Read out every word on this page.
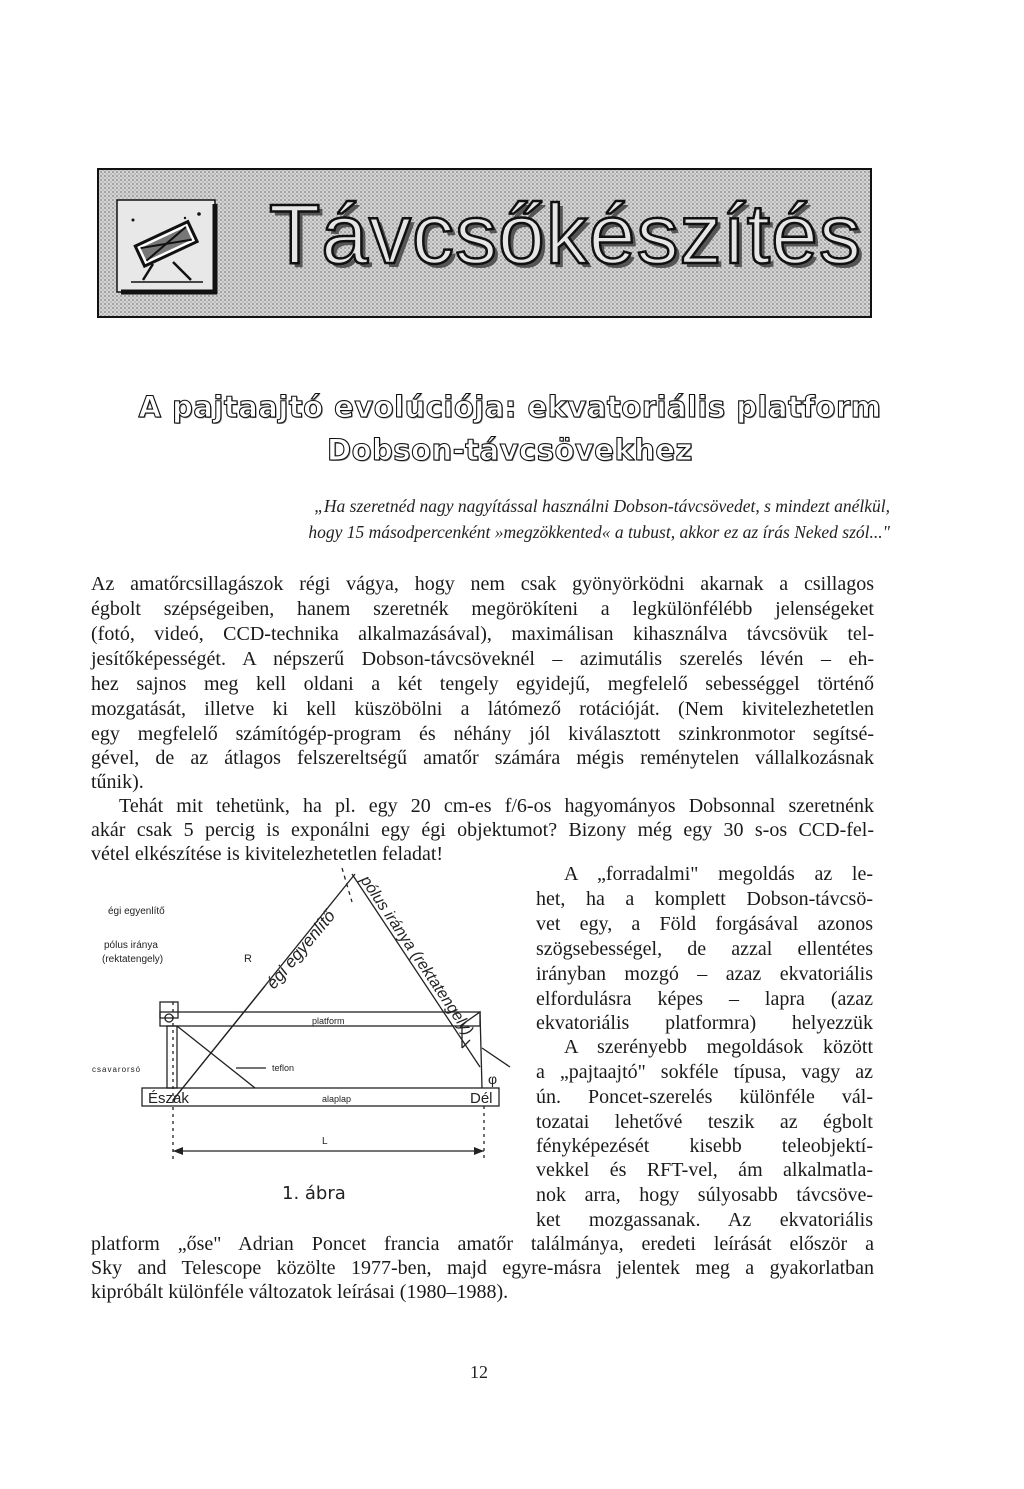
Távcsőkészítés
A pajtaajtó evolúciója: ekvatoriális platform
Dobson-távcsövekhez
„Ha szeretnéd nagy nagyítással használni Dobson-távcsövedet, s mindezt anélkül,
hogy 15 másodpercenként »megzökkented« a tubust, akkor ez az írás Neked szól..."
Az amatőrcsillagászok régi vágya, hogy nem csak gyönyörködni akarnak a csillagos
égbolt szépségeiben, hanem szeretnék megörökíteni a legkülönfélébb jelenségeket
(fotó, videó, CCD-technika alkalmazásával), maximálisan kihasználva távcsövük tel-
jesítőképességét. A népszerű Dobson-távcsöveknél – azimutális szerelés lévén – eh-
hez sajnos meg kell oldani a két tengely egyidejű, megfelelő sebességgel történő
mozgatását, illetve ki kell küszöbölni a látómező rotációját. (Nem kivitelezhetetlen
egy megfelelő számítógép-program és néhány jól kiválasztott szinkronmotor segítsé-
gével, de az átlagos felszereltségű amatőr számára mégis reménytelen vállalkozásnak
tűnik).
Tehát mit tehetünk, ha pl. egy 20 cm-es f/6-os hagyományos Dobsonnal szeretnénk
akár csak 5 percig is exponálni egy égi objektumot? Bizony még egy 30 s-os CCD-fel-
vétel elkészítése is kivitelezhetetlen feladat!
A „forradalmi" megoldás az le-
het, ha a komplett Dobson-távcsö-
vet egy, a Föld forgásával azonos
szögsebességel, de azzal ellentétes
irányban mozgó – azaz ekvatoriális
elfordulásra képes – lapra (azaz
ekvatoriális platformra) helyezzük
A szerényebb megoldások között
a „pajtaajtó" sokféle típusa, vagy az
ún. Poncet-szerelés különféle vál-
tozatai lehetővé teszik az égbolt
fényképezését kisebb teleobjektí-
vekkel és RFT-vel, ám alkalmatla-
nok arra, hogy súlyosabb távcsöve-
ket mozgassanak. Az ekvatoriális
platform „őse" Adrian Poncet francia amatőr találmánya, eredeti leírását először a
Sky and Telescope közölte 1977-ben, majd egyre-másra jelentek meg a gyakorlatban
kipróbált különféle változatok leírásai (1980–1988).
égi egyenlítő
pólus iránya
(rektatengely)	R égi egyenlítő pólus iránya (rektatengely)
platform
teflon
csavarorsó
Észak	alaplap	Dél
L
φ
1. ábra
12
